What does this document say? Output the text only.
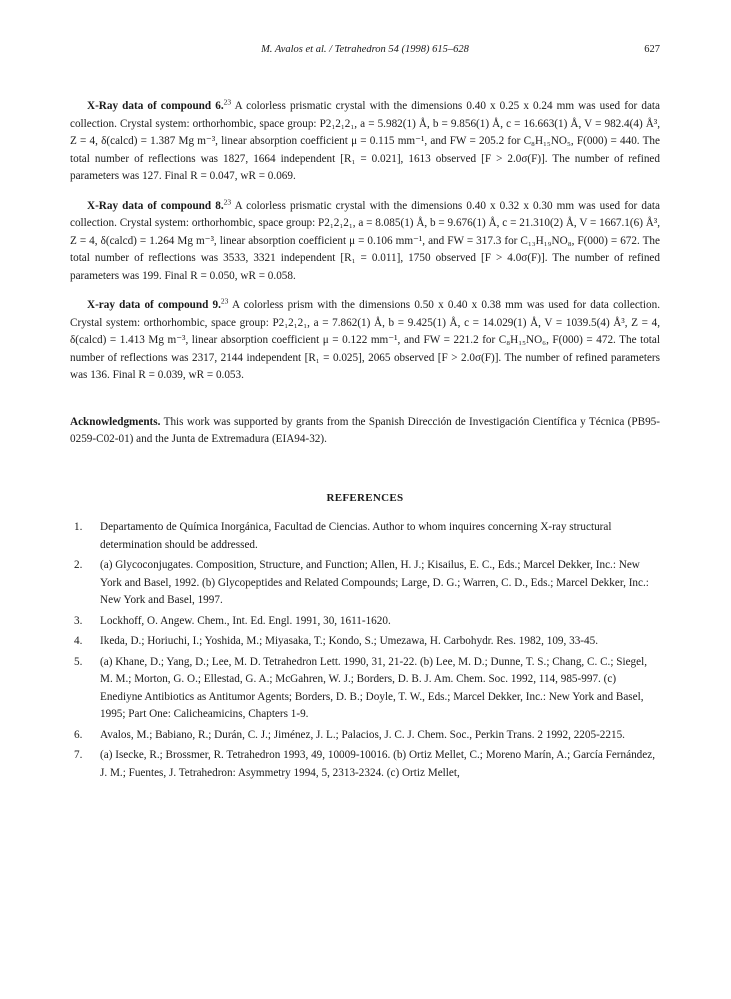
M. Avalos et al. / Tetrahedron 54 (1998) 615–628	627

X-Ray data of compound 6.23 A colorless prismatic crystal with the dimensions 0.40 x 0.25 x 0.24 mm was used for data collection. Crystal system: orthorhombic, space group: P2₁2₁2₁, a = 5.982(1) Å, b = 9.856(1) Å, c = 16.663(1) Å, V = 982.4(4) Å³, Z = 4, δ(calcd) = 1.387 Mg m⁻³, linear absorption coefficient μ = 0.115 mm⁻¹, and FW = 205.2 for C₈H₁₅NO₅, F(000) = 440. The total number of reflections was 1827, 1664 independent [R₁ = 0.021], 1613 observed [F > 2.0σ(F)]. The number of refined parameters was 127. Final R = 0.047, wR = 0.069.

X-Ray data of compound 8.23 A colorless prismatic crystal with the dimensions 0.40 x 0.32 x 0.30 mm was used for data collection. Crystal system: orthorhombic, space group: P2₁2₁2₁, a = 8.085(1) Å, b = 9.676(1) Å, c = 21.310(2) Å, V = 1667.1(6) Å³, Z = 4, δ(calcd) = 1.264 Mg m⁻³, linear absorption coefficient μ = 0.106 mm⁻¹, and FW = 317.3 for C₁₃H₁₉NO₈, F(000) = 672. The total number of reflections was 3533, 3321 independent [R₁ = 0.011], 1750 observed [F > 4.0σ(F)]. The number of refined parameters was 199. Final R = 0.050, wR = 0.058.

X-ray data of compound 9.23 A colorless prism with the dimensions 0.50 x 0.40 x 0.38 mm was used for data collection. Crystal system: orthorhombic, space group: P2₁2₁2₁, a = 7.862(1) Å, b = 9.425(1) Å, c = 14.029(1) Å, V = 1039.5(4) Å³, Z = 4, δ(calcd) = 1.413 Mg m⁻³, linear absorption coefficient μ = 0.122 mm⁻¹, and FW = 221.2 for C₈H₁₅NO₆, F(000) = 472. The total number of reflections was 2317, 2144 independent [R₁ = 0.025], 2065 observed [F > 2.0σ(F)]. The number of refined parameters was 136. Final R = 0.039, wR = 0.053.

Acknowledgments. This work was supported by grants from the Spanish Dirección de Investigación Científica y Técnica (PB95-0259-C02-01) and the Junta de Extremadura (EIA94-32).

REFERENCES
1. Departamento de Química Inorgánica, Facultad de Ciencias. Author to whom inquires concerning X-ray structural determination should be addressed.
2. (a) Glycoconjugates. Composition, Structure, and Function; Allen, H. J.; Kisailus, E. C., Eds.; Marcel Dekker, Inc.: New York and Basel, 1992. (b) Glycopeptides and Related Compounds; Large, D. G.; Warren, C. D., Eds.; Marcel Dekker, Inc.: New York and Basel, 1997.
3. Lockhoff, O. Angew. Chem., Int. Ed. Engl. 1991, 30, 1611-1620.
4. Ikeda, D.; Horiuchi, I.; Yoshida, M.; Miyasaka, T.; Kondo, S.; Umezawa, H. Carbohydr. Res. 1982, 109, 33-45.
5. (a) Khane, D.; Yang, D.; Lee, M. D. Tetrahedron Lett. 1990, 31, 21-22. (b) Lee, M. D.; Dunne, T. S.; Chang, C. C.; Siegel, M. M.; Morton, G. O.; Ellestad, G. A.; McGahren, W. J.; Borders, D. B. J. Am. Chem. Soc. 1992, 114, 985-997. (c) Enediyne Antibiotics as Antitumor Agents; Borders, D. B.; Doyle, T. W., Eds.; Marcel Dekker, Inc.: New York and Basel, 1995; Part One: Calicheamicins, Chapters 1-9.
6. Avalos, M.; Babiano, R.; Durán, C. J.; Jiménez, J. L.; Palacios, J. C. J. Chem. Soc., Perkin Trans. 2 1992, 2205-2215.
7. (a) Isecke, R.; Brossmer, R. Tetrahedron 1993, 49, 10009-10016. (b) Ortiz Mellet, C.; Moreno Marín, A.; García Fernández, J. M.; Fuentes, J. Tetrahedron: Asymmetry 1994, 5, 2313-2324. (c) Ortiz Mellet,
